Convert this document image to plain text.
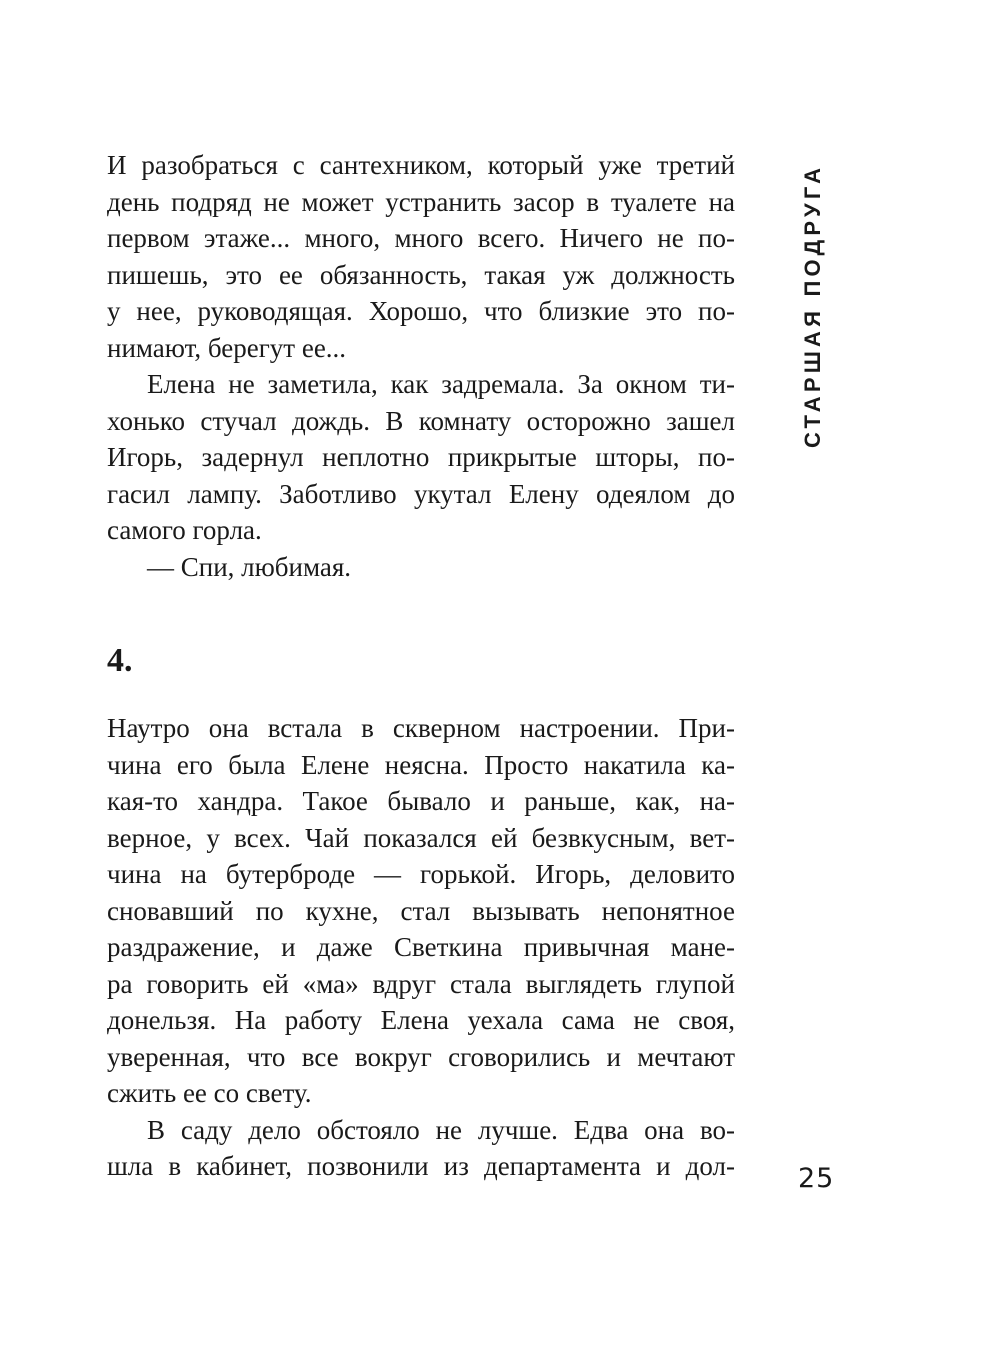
СТАРШАЯ ПОДРУГА
И разобраться с сантехником, который уже третий
день подряд не может устранить засор в туалете на
первом этаже... много, много всего. Ничего не по-
пишешь, это ее обязанность, такая уж должность
у нее, руководящая. Хорошо, что близкие это по-
нимают, берегут ее...
Елена не заметила, как задремала. За окном ти-
хонько стучал дождь. В комнату осторожно зашел
Игорь, задернул неплотно прикрытые шторы, по-
гасил лампу. Заботливо укутал Елену одеялом до
самого горла.
— Спи, любимая.
4.
Наутро она встала в скверном настроении. При-
чина его была Елене неясна. Просто накатила ка-
кая-то хандра. Такое бывало и раньше, как, на-
верное, у всех. Чай показался ей безвкусным, вет-
чина на бутерброде — горькой. Игорь, деловито
сновавший по кухне, стал вызывать непонятное
раздражение, и даже Светкина привычная мане-
ра говорить ей «ма» вдруг стала выглядеть глупой
донельзя. На работу Елена уехала сама не своя,
уверенная, что все вокруг сговорились и мечтают
сжить ее со свету.
В саду дело обстояло не лучше. Едва она во-
шла в кабинет, позвонили из департамента и дол- 25
